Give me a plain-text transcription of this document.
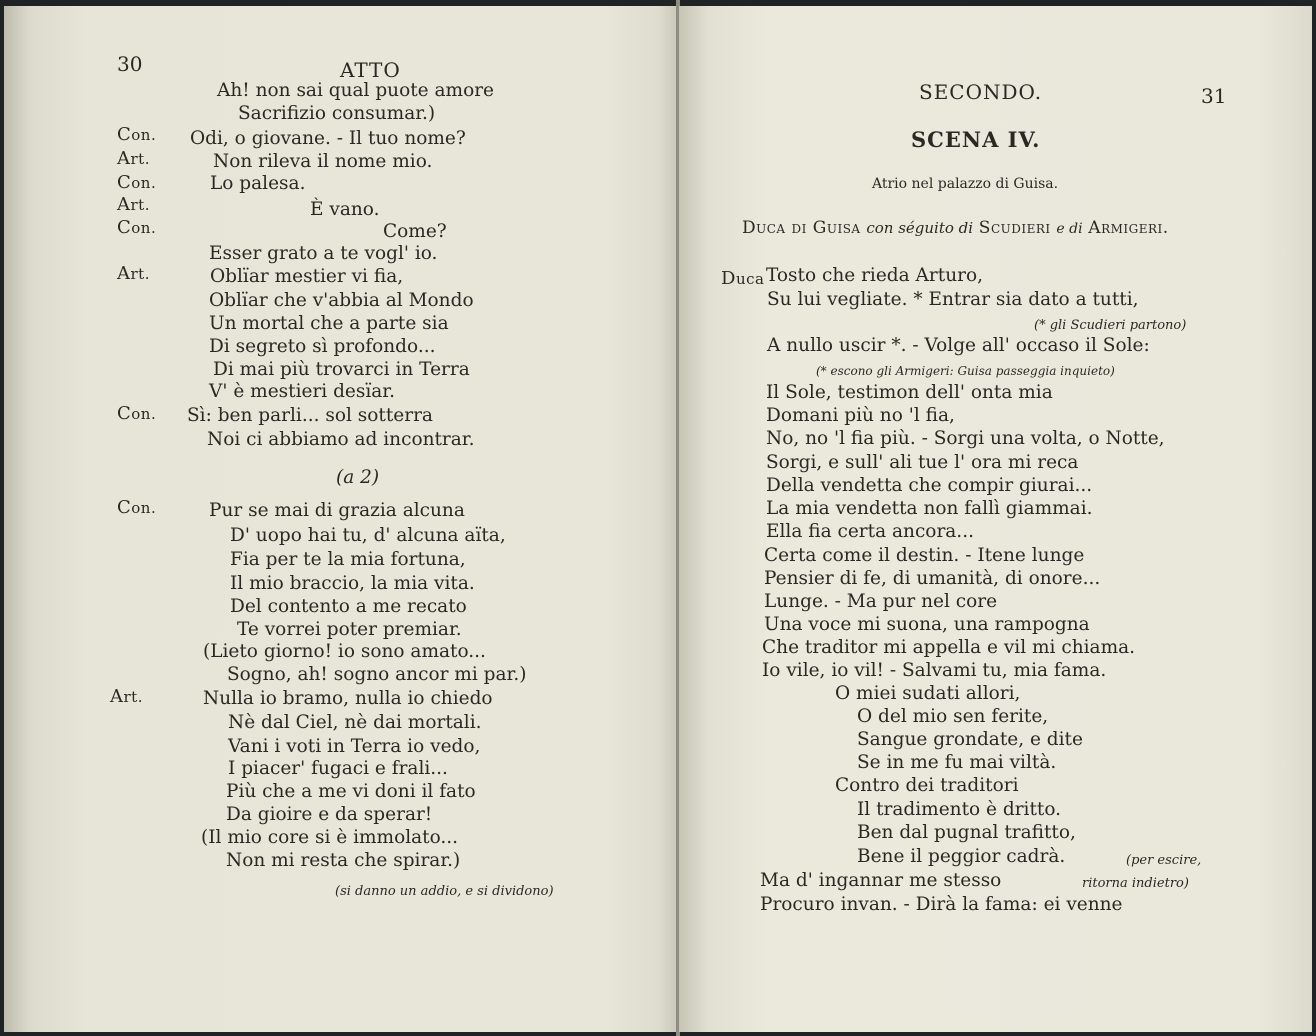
30	ATTO
Ah! non sai qual puote amore
Sacrifizio consumar.)
Con. Odi, o giovane. - Il tuo nome?
Art.	Non rileva il nome mio.
Con.	Lo palesa.
Art.	È vano.
Con.	Come?
Esser grato a te vogl' io.
Art.	Oblïar mestier vi fia,
Oblïar che v'abbia al Mondo
Un mortal che a parte sia
Di segreto sì profondo...
Di mai più trovarci in Terra
V' è mestieri desïar.
Con. Sì: ben parli... sol sotterra
Noi ci abbiamo ad incontrar.
(a 2)
Con.	Pur se mai di grazia alcuna
D' uopo hai tu, d' alcuna aïta,
Fia per te la mia fortuna,
Il mio braccio, la mia vita.
Del contento a me recato
Te vorrei poter premiar.
(Lieto giorno! io sono amato...
Sogno, ah! sogno ancor mi par.)
Art.	Nulla io bramo, nulla io chiedo
Nè dal Ciel, nè dai mortali.
Vani i voti in Terra io vedo,
I piacer' fugaci e frali...
Più che a me vi doni il fato
Da gioire e da sperar!
(Il mio core si è immolato...
Non mi resta che spirar.)
(si danno un addio, e si dividono)
SECONDO.	31
SCENA IV.
Atrio nel palazzo di Guisa.
Duca di Guisa con séguito di Scudieri e di Armigeri.
Duca Tosto che rieda Arturo,
Su lui vegliate. * Entrar sia dato a tutti,
(* gli Scudieri partono)
A nullo uscir *. - Volge all' occaso il Sole:
(* escono gli Armigeri: Guisa passeggia inquieto)
Il Sole, testimon dell' onta mia
Domani più no 'l fia,
No, no 'l fia più. - Sorgi una volta, o Notte,
Sorgi, e sull' ali tue l' ora mi reca
Della vendetta che compir giurai...
La mia vendetta non fallì giammai.
Ella fia certa ancora...
Certa come il destin. - Itene lunge
Pensier di fe, di umanità, di onore...
Lunge. - Ma pur nel core
Una voce mi suona, una rampogna
Che traditor mi appella e vil mi chiama.
Io vile, io vil! - Salvami tu, mia fama.
O miei sudati allori,
O del mio sen ferite,
Sangue grondate, e dite
Se in me fu mai viltà.
Contro dei traditori
Il tradimento è dritto.
Ben dal pugnal trafitto,
Bene il peggior cadrà.	(per escire,
Ma d' ingannar me stesso	ritorna indietro)
Procuro invan. - Dirà la fama: ei venne
